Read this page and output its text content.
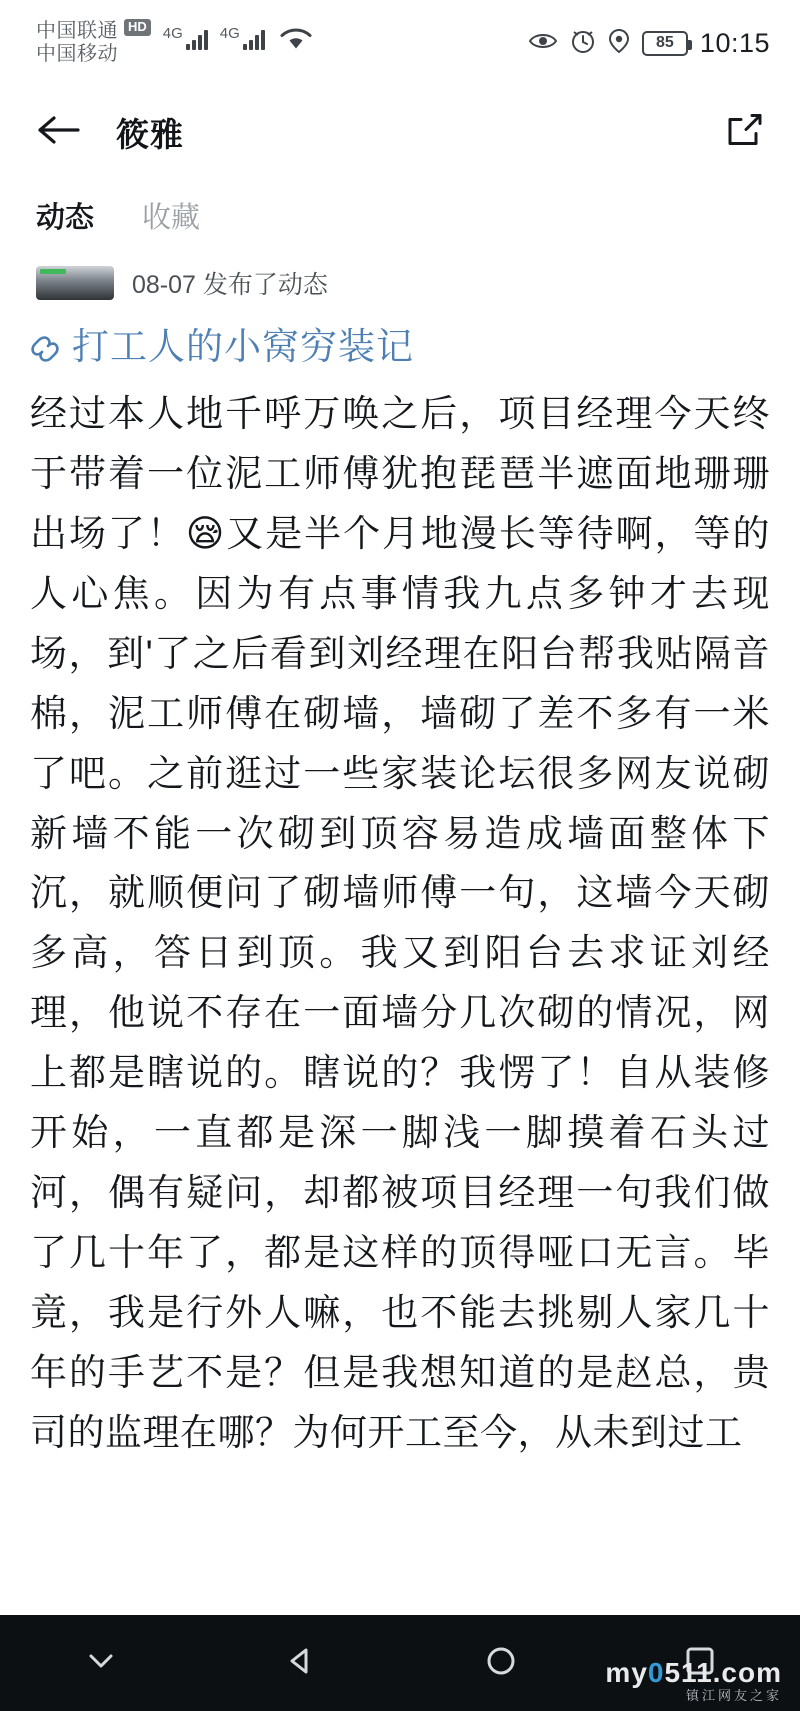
中国联通 HD
中国移动
4G 4G
85 10:15
筱雅
动态 收藏
08-07 发布了动态
打工人的小窝穷装记
经过本人地千呼万唤之后，项目经理今天终于带着一位泥工师傅犹抱琵琶半遮面地珊珊出场了！😪又是半个月地漫长等待啊，等的人心焦。因为有点事情我九点多钟才去现场，到'了之后看到刘经理在阳台帮我贴隔音棉，泥工师傅在砌墙，墙砌了差不多有一米了吧。之前逛过一些家装论坛很多网友说砌新墙不能一次砌到顶容易造成墙面整体下沉，就顺便问了砌墙师傅一句，这墙今天砌多高，答日到顶。我又到阳台去求证刘经理，他说不存在一面墙分几次砌的情况，网上都是瞎说的。瞎说的？我愣了！自从装修开始，一直都是深一脚浅一脚摸着石头过河，偶有疑问，却都被项目经理一句我们做了几十年了，都是这样的顶得哑口无言。毕竟，我是行外人嘛，也不能去挑剔人家几十年的手艺不是？但是我想知道的是赵总，贵司的监理在哪？为何开工至今，从未到过工
my0511.com
镇江网友之家
